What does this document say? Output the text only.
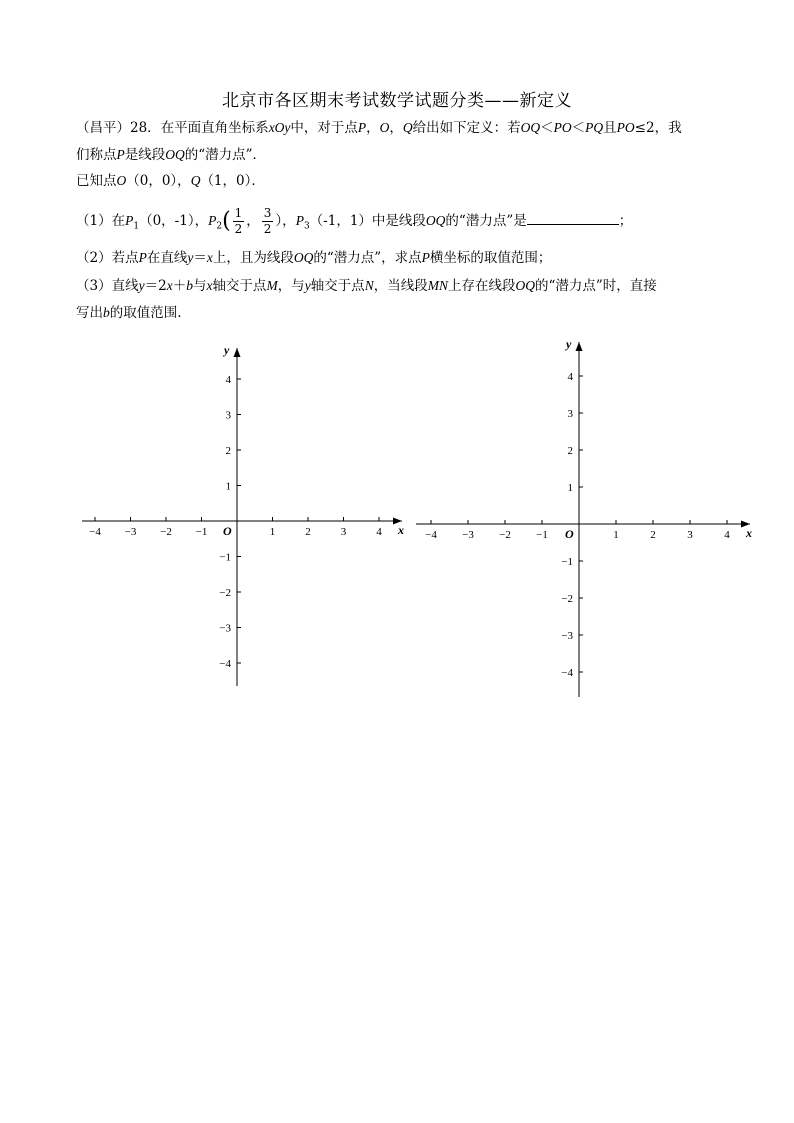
北京市各区期末考试数学试题分类——新定义
（昌平）28．在平面直角坐标系xOy中，对于点P，O，Q给出如下定义：若OQ＜PO＜PQ且PO≤2，我
们称点P是线段OQ的“潜力点”．
已知点O（0，0），Q（1，0）．
（1）在$P_1(0$，-1），$P_2( \frac{1}{2}$ ， $\frac{3}{2}$ ），$P_3(-1$，1）中是线段OQ的“潜力点”是	；
（2）若点P在直线y＝x上，且为线段OQ的“潜力点”，求点P横坐标的取值范围；
（3）直线y＝2x＋b与x轴交于点M，与y轴交于点N，当线段MN上存在线段OQ的“潜力点”时，直接
写出b的取值范围.
−4 −3 −2 −1	1	2	3	4
4
3
2
1
−1
−2
−3
−4
O	x
y
−4 −3 −2 −1	1	2	3	4
4
3
2
1
−1
−2
−3
−4
O	x
y
